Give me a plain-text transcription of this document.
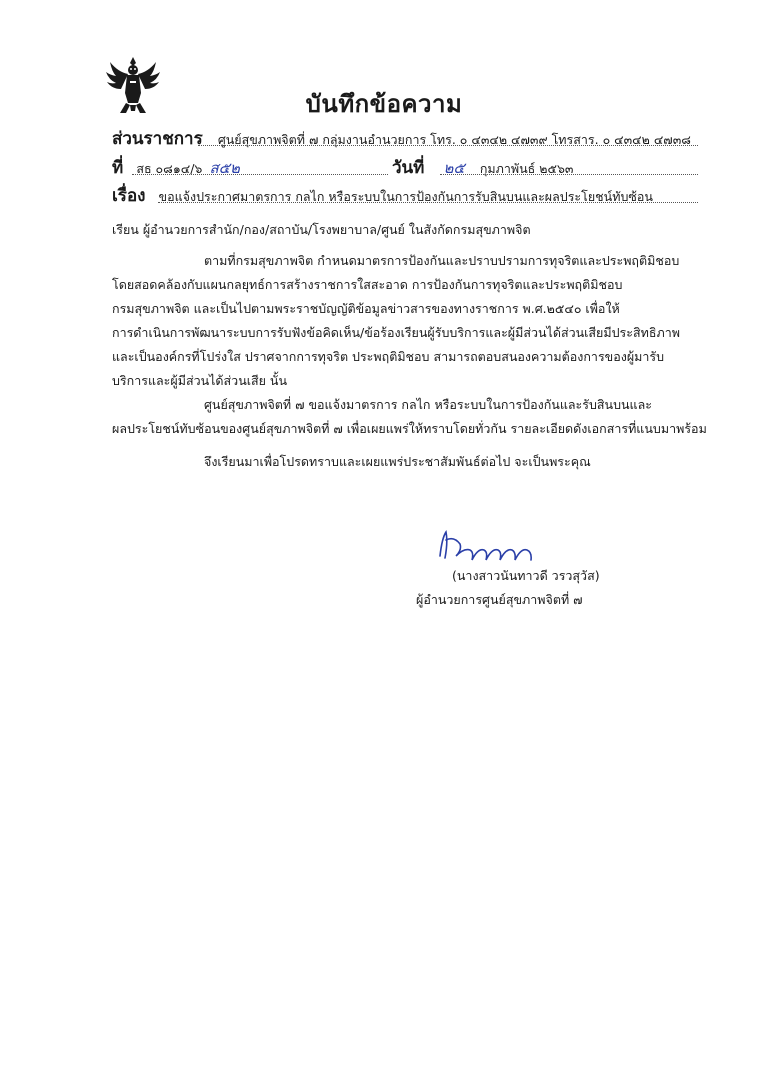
บันทึกข้อความ
ส่วนราชการ ศูนย์สุขภาพจิตที่ ๗ กลุ่มงานอำนวยการ โทร. ๐ ๔๓๔๒ ๔๗๓๙ โทรสาร. ๐ ๔๓๔๒ ๔๗๓๘
ที่ สธ ๐๘๑๔/๖ ส๕๒	วันที่ ๒๕ กุมภาพันธ์ ๒๕๖๓
เรื่อง ขอแจ้งประกาศมาตรการ กลไก หรือระบบในการป้องกันการรับสินบนและผลประโยชน์ทับซ้อน
เรียน ผู้อำนวยการสำนัก/กอง/สถาบัน/โรงพยาบาล/ศูนย์ ในสังกัดกรมสุขภาพจิต
ตามที่กรมสุขภาพจิต กำหนดมาตรการป้องกันและปราบปรามการทุจริตและประพฤติมิชอบ
โดยสอดคล้องกับแผนกลยุทธ์การสร้างราชการใสสะอาด การป้องกันการทุจริตและประพฤติมิชอบ
กรมสุขภาพจิต และเป็นไปตามพระราชบัญญัติข้อมูลข่าวสารของทางราชการ พ.ศ.๒๕๔๐ เพื่อให้
การดำเนินการพัฒนาระบบการรับฟังข้อคิดเห็น/ข้อร้องเรียนผู้รับบริการและผู้มีส่วนได้ส่วนเสียมีประสิทธิภาพ
และเป็นองค์กรที่โปร่งใส ปราศจากการทุจริต ประพฤติมิชอบ สามารถตอบสนองความต้องการของผู้มารับ
บริการและผู้มีส่วนได้ส่วนเสีย นั้น
ศูนย์สุขภาพจิตที่ ๗ ขอแจ้งมาตรการ กลไก หรือระบบในการป้องกันและรับสินบนและ
ผลประโยชน์ทับซ้อนของศูนย์สุขภาพจิตที่ ๗ เพื่อเผยแพร่ให้ทราบโดยทั่วกัน รายละเอียดดังเอกสารที่แนบมาพร้อม
จึงเรียนมาเพื่อโปรดทราบและเผยแพร่ประชาสัมพันธ์ต่อไป จะเป็นพระคุณ
(นางสาวนันทาวดี วรวสุวัส)
ผู้อำนวยการศูนย์สุขภาพจิตที่ ๗
